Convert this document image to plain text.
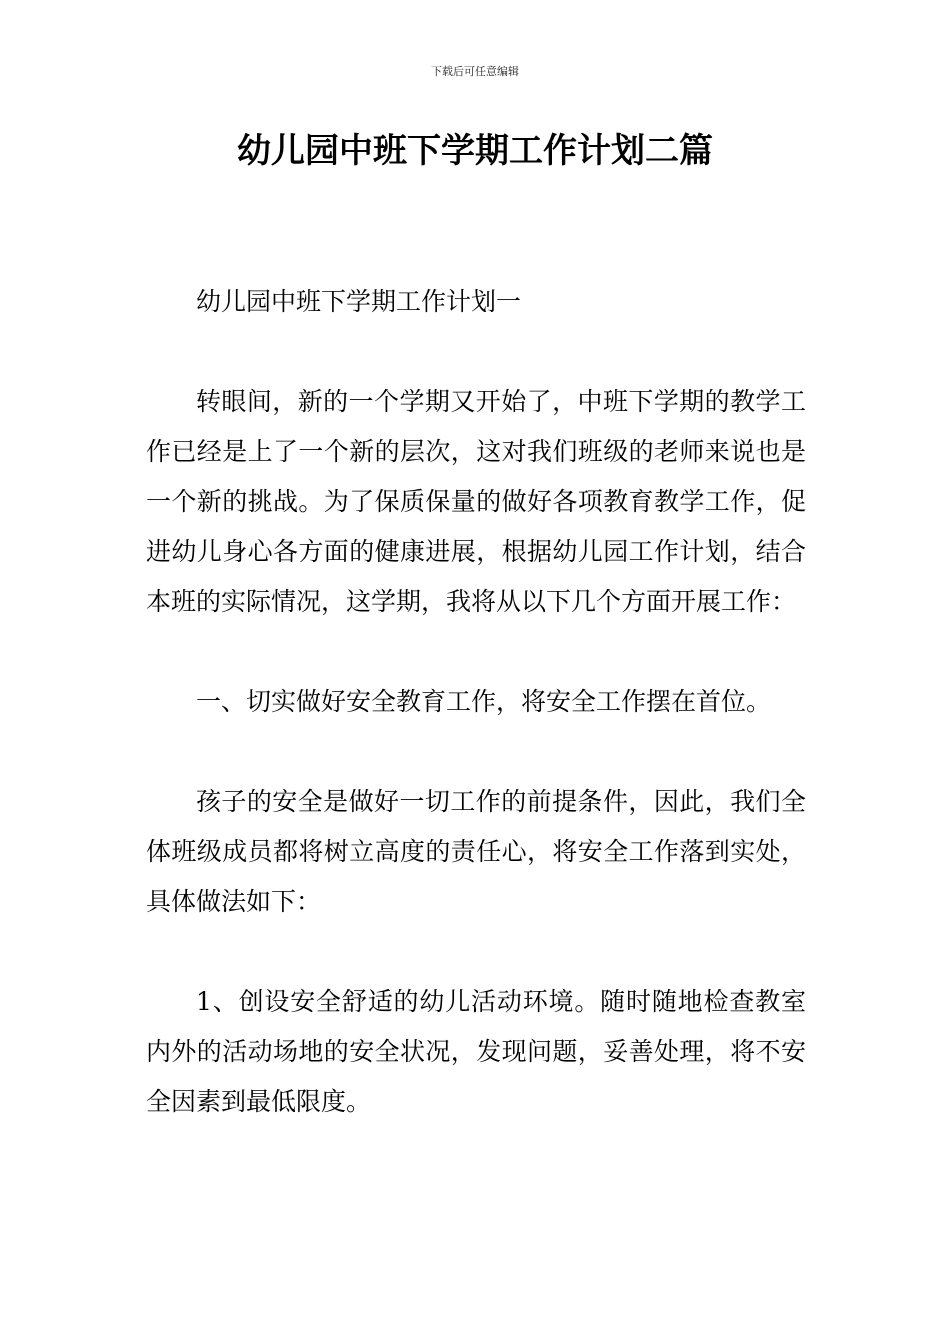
下载后可任意编辑
幼儿园中班下学期工作计划二篇

幼儿园中班下学期工作计划一

转眼间，新的一个学期又开始了，中班下学期的教学工作已经是上了一个新的层次，这对我们班级的老师来说也是一个新的挑战。为了保质保量的做好各项教育教学工作，促进幼儿身心各方面的健康进展，根据幼儿园工作计划，结合本班的实际情况，这学期，我将从以下几个方面开展工作：

一、切实做好安全教育工作，将安全工作摆在首位。

孩子的安全是做好一切工作的前提条件，因此，我们全体班级成员都将树立高度的责任心，将安全工作落到实处，具体做法如下：

1、创设安全舒适的幼儿活动环境。随时随地检查教室内外的活动场地的安全状况，发现问题，妥善处理，将不安全因素到最低限度。
